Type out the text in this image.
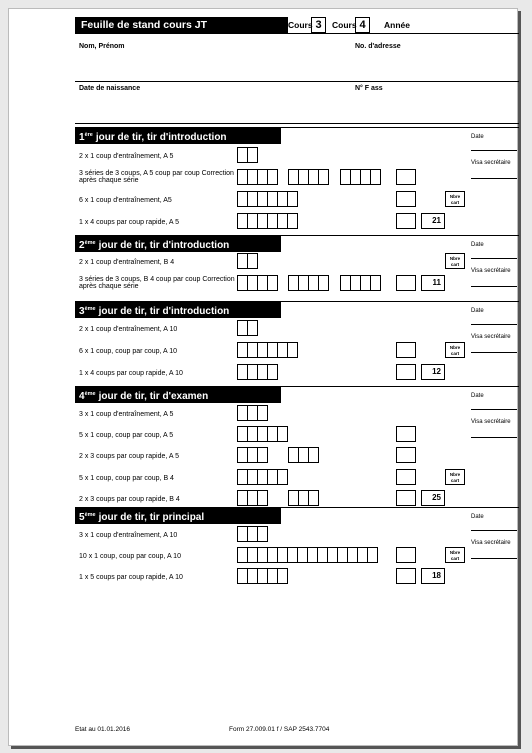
Feuille de stand cours JT	Cours 3	Cours 4	Année
Nom, Prénom	No. d'adresse
Date de naissance	N° F ass
1ère jour de tir, tir d'introduction	Date
Visa secrétaire
2 x 1 coup d'entraînement, A 5
3 séries de 3 coups, A 5 coup par coup Correction après chaque série
6 x 1 coup d'entraînement, A5
Nbre
cart
1 x 4 coups par coup rapide, A 5	21
2ème jour de tir, tir d'introduction	Date
Visa secrétaire
2 x 1 coup d'entraînement, B 4
Nbre
cart
3 séries de 3 coups, B 4 coup par coup Correction après chaque série	11
3ème jour de tir, tir d'introduction	Date
Visa secrétaire
2 x 1 coup d'entraînement, A 10
6 x 1 coup, coup par coup, A 10
Nbre
cart
1 x 4 coups par coup rapide, A 10	12
4ème jour de tir, tir d'examen	Date
Visa secrétaire
3 x 1 coup d'entraînement, A 5
5 x 1 coup, coup par coup, A 5
2 x 3 coups par coup rapide, A 5
5 x 1 coup, coup par coup, B 4
Nbre
cart
2 x 3 coups par coup rapide, B 4	25
5ème jour de tir, tir principal	Date
Visa secrétaire
3 x 1 coup d'entraînement, A 10
10 x 1 coup, coup par coup, A 10
Nbre
cart
1 x 5 coups par coup rapide, A 10	18
Etat au 01.01.2016	Form 27.009.01 f / SAP 2543.7704
